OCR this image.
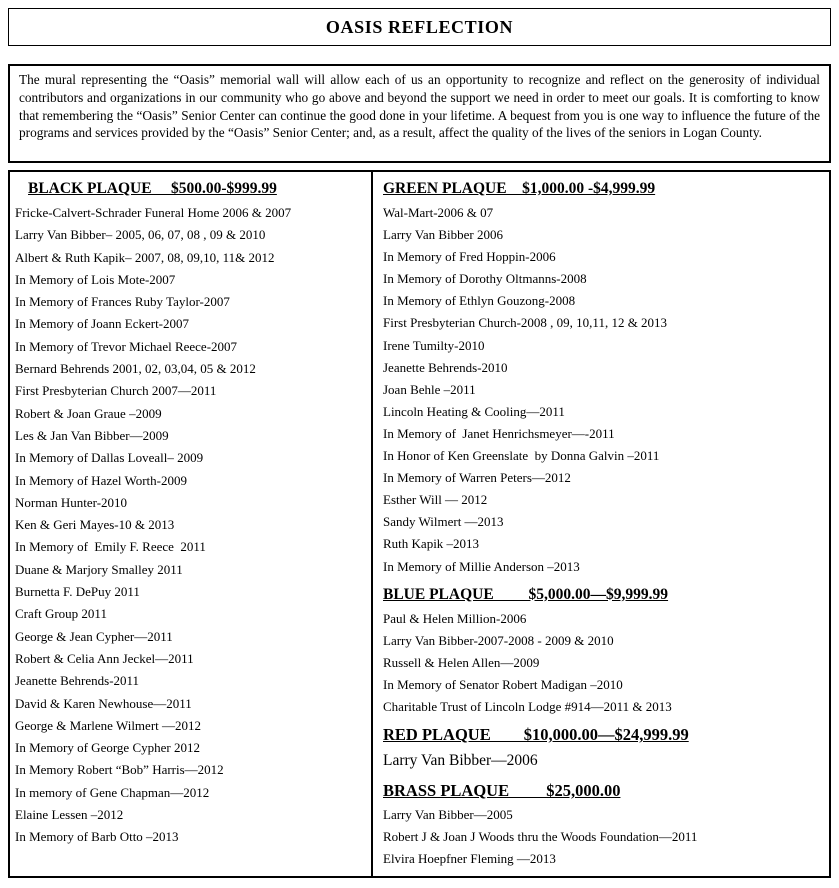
OASIS REFLECTION

The mural representing the “Oasis” memorial wall will allow each of us an opportunity to recognize and reflect on the generosity of individual contributors and organizations in our community who go above and beyond the support we need in order to meet our goals. It is comforting to know that remembering the “Oasis” Senior Center can continue the good done in your lifetime. A bequest from you is one way to influence the future of the programs and services provided by the “Oasis” Senior Center; and, as a result, affect the quality of the lives of the seniors in Logan County.

BLACK PLAQUE     $500.00-$999.99
Fricke-Calvert-Schrader Funeral Home 2006 & 2007
Larry Van Bibber– 2005, 06, 07, 08 , 09 & 2010
Albert & Ruth Kapik– 2007, 08, 09,10, 11& 2012
In Memory of Lois Mote-2007
In Memory of Frances Ruby Taylor-2007
In Memory of Joann Eckert-2007
In Memory of Trevor Michael Reece-2007
Bernard Behrends 2001, 02, 03,04, 05 & 2012
First Presbyterian Church 2007—2011
Robert & Joan Graue –2009
Les & Jan Van Bibber—2009
In Memory of Dallas Loveall– 2009
In Memory of Hazel Worth-2009
Norman Hunter-2010
Ken & Geri Mayes-10 & 2013
In Memory of  Emily F. Reece  2011
Duane & Marjory Smalley 2011
Burnetta F. DePuy 2011
Craft Group 2011
George & Jean Cypher—2011
Robert & Celia Ann Jeckel—2011
Jeanette Behrends-2011
David & Karen Newhouse—2011
George & Marlene Wilmert —2012
In Memory of George Cypher 2012
In Memory Robert “Bob” Harris—2012
In memory of Gene Chapman—2012
Elaine Lessen –2012
In Memory of Barb Otto –2013
GREEN PLAQUE    $1,000.00 -$4,999.99
Wal-Mart-2006 & 07
Larry Van Bibber 2006
In Memory of Fred Hoppin-2006
In Memory of Dorothy Oltmanns-2008
In Memory of Ethlyn Gouzong-2008
First Presbyterian Church-2008 , 09, 10,11, 12 & 2013
Irene Tumilty-2010
Jeanette Behrends-2010
Joan Behle –2011
Lincoln Heating & Cooling—2011
In Memory of  Janet Henrichsmeyer—-2011
In Honor of Ken Greenslate  by Donna Galvin –2011
In Memory of Warren Peters—2012
Esther Will — 2012
Sandy Wilmert —2013
Ruth Kapik –2013
In Memory of Millie Anderson –2013
BLUE PLAQUE         $5,000.00—$9,999.99
Paul & Helen Million-2006
Larry Van Bibber-2007-2008 - 2009 & 2010
Russell & Helen Allen—2009
In Memory of Senator Robert Madigan –2010
Charitable Trust of Lincoln Lodge #914—2011 & 2013
RED PLAQUE        $10,000.00—$24,999.99
Larry Van Bibber—2006
BRASS PLAQUE         $25,000.00
Larry Van Bibber—2005
Robert J & Joan J Woods thru the Woods Foundation—2011
Elvira Hoepfner Fleming —2013
